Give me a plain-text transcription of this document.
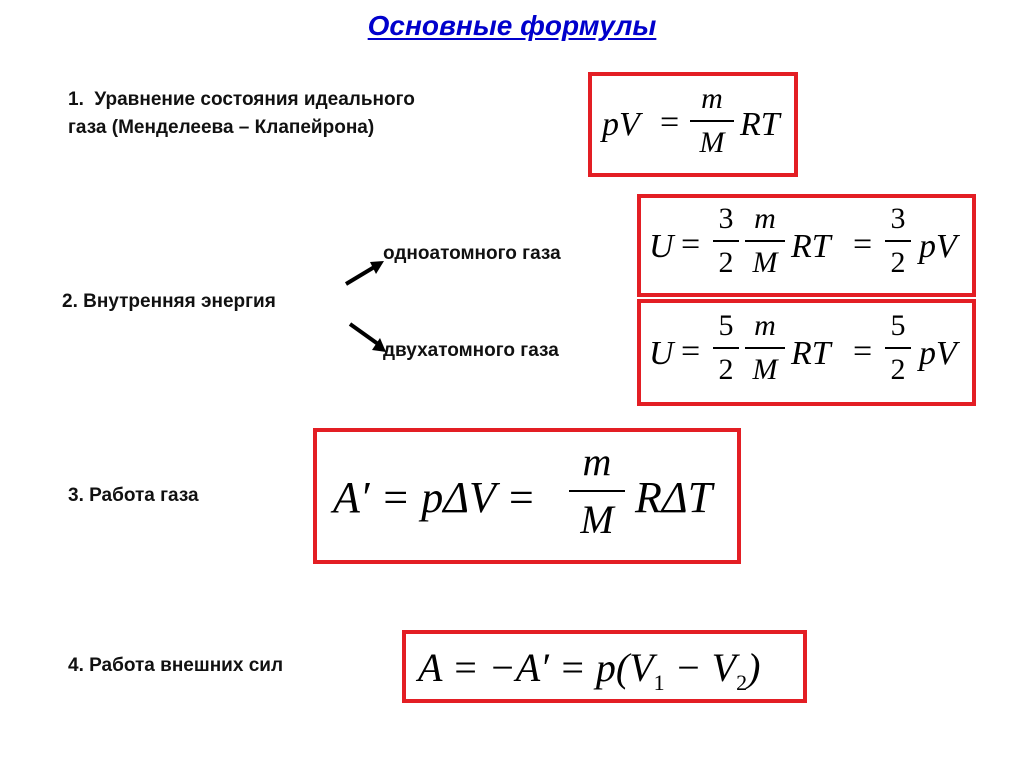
Основные формулы
1.  Уравнение состояния идеального
газа (Менделеева – Клапейрона)	pV =
m
M RT
2. Внутренняя энергия
одноатомного газа
двухатомного газа
U =
3
2
m
M RT =
3
2 pV
U =
5
2
m
M RT =
5
2 pV
3. Работа газа	A′ = pΔV =
m
M RΔT
4. Работа внешних сил	$A = -A' = p(V_1 - V_2)$
